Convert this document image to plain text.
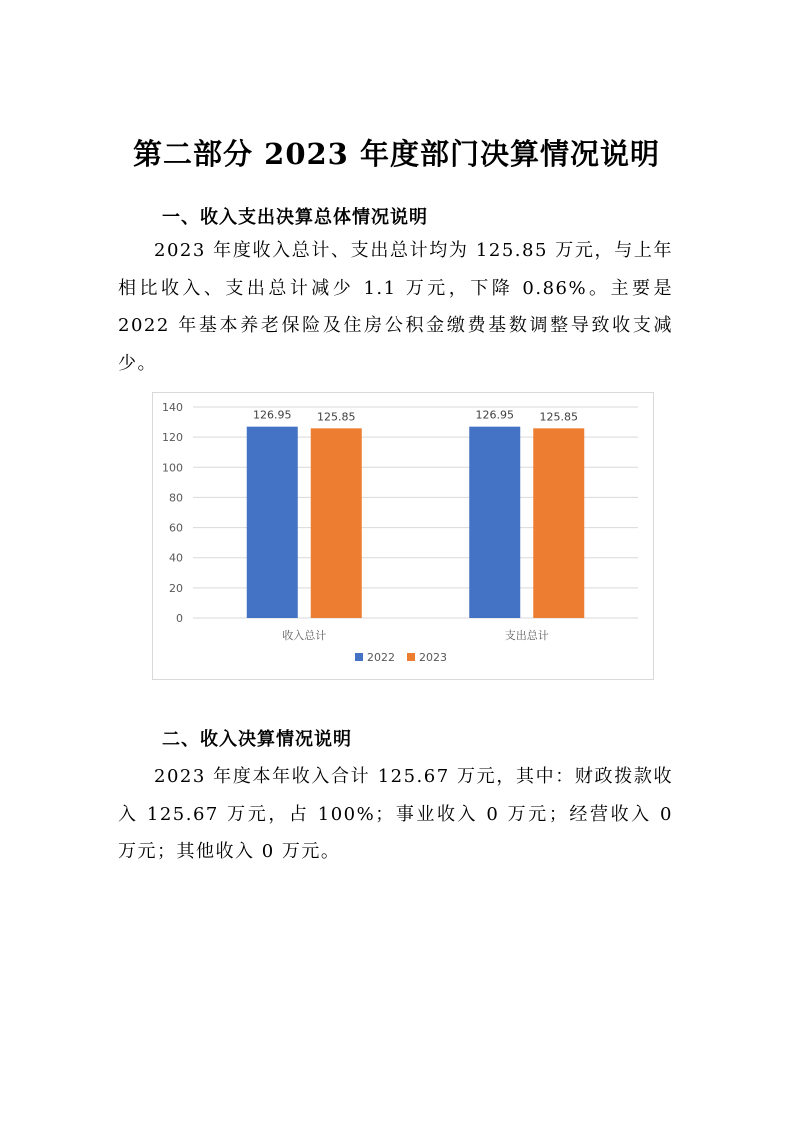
第二部分 2023 年度部门决算情况说明
一、收入支出决算总体情况说明

2023 年度收入总计、支出总计均为 125.85 万元，与上年相比收入、支出总计减少 1.1 万元，下降 0.86%。主要是 2022 年基本养老保险及住房公积金缴费基数调整导致收支减少。

0
20
40
60
80
100
120
140
126.95 125.85
收入总计
126.95 125.85
支出总计
2022 2023
二、收入决算情况说明

2023 年度本年收入合计 125.67 万元，其中：财政拨款收入 125.67 万元，占 100%；事业收入 0 万元；经营收入 0 万元；其他收入 0 万元。
